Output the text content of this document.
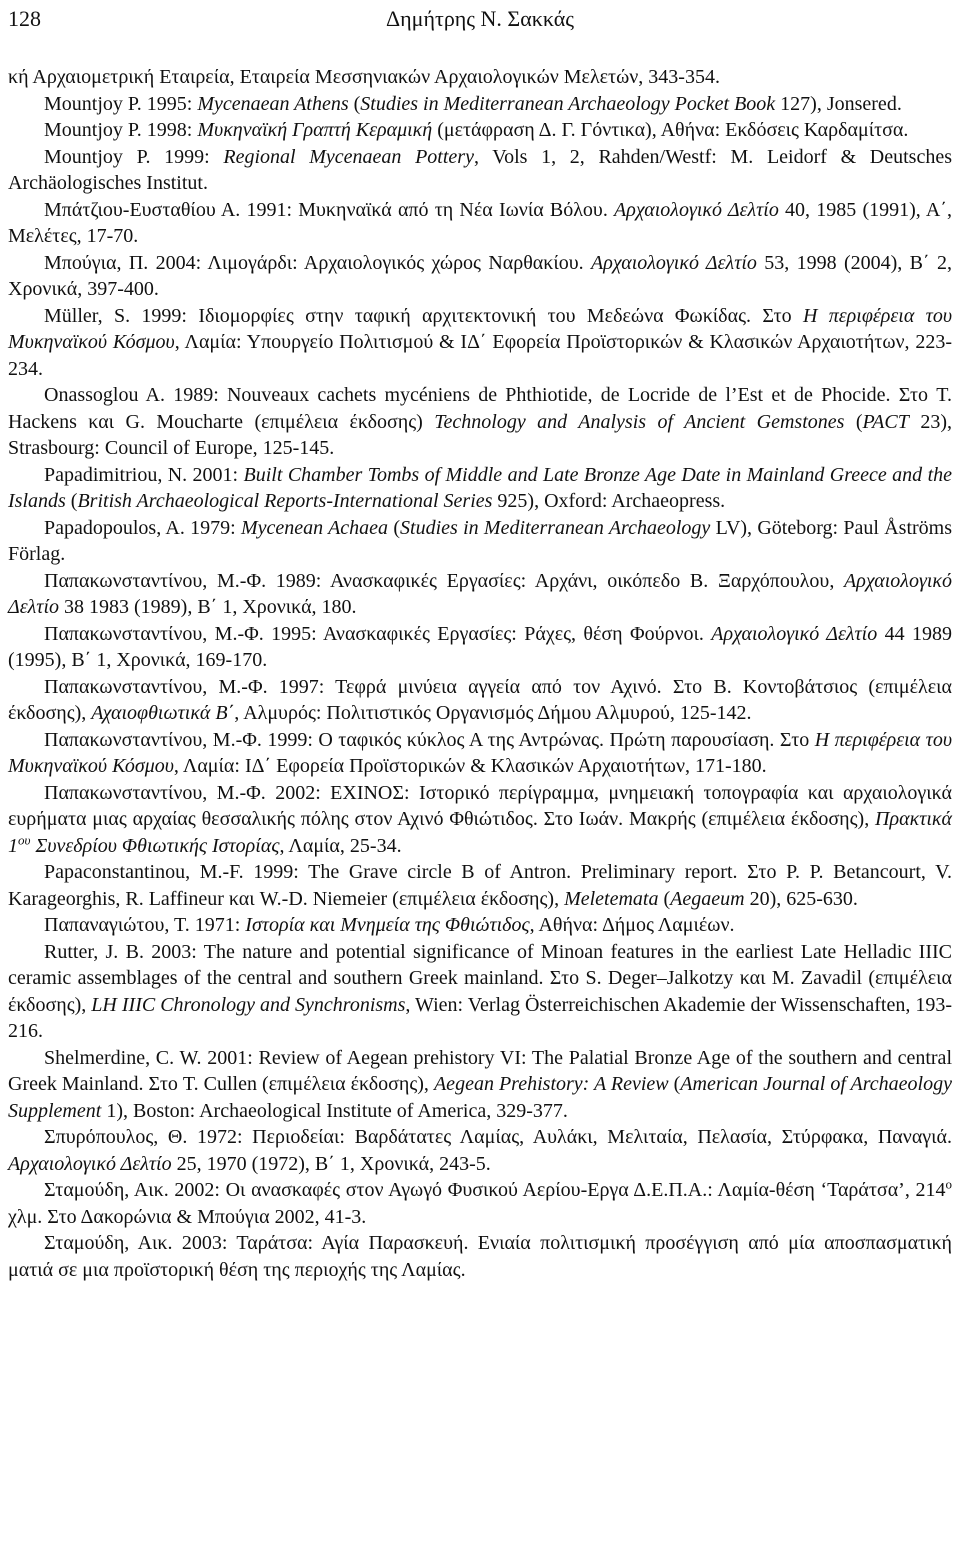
128	Δημήτρης Ν. Σακκάς

κή Αρχαιομετρική Εταιρεία, Εταιρεία Μεσσηνιακών Αρχαιολογικών Μελετών, 343-354.

Mountjoy P. 1995: Mycenaean Athens (Studies in Mediterranean Archaeology Pocket Book 127), Jonsered.

Mountjoy P. 1998: Μυκηναϊκή Γραπτή Κεραμική (μετάφραση Δ. Γ. Γόντικα), Αθήνα: Εκδόσεις Καρδαμίτσα.

Mountjoy P. 1999: Regional Mycenaean Pottery, Vols 1, 2, Rahden/Westf: M. Leidorf & Deutsches Archäologisches Institut.

Μπάτζιου-Ευσταθίου Α. 1991: Μυκηναϊκά από τη Νέα Ιωνία Βόλου. Αρχαιολογικό Δελτίο 40, 1985 (1991), Α΄, Μελέτες, 17-70.

Μπούγια, Π. 2004: Λιμογάρδι: Αρχαιολογικός χώρος Ναρθακίου. Αρχαιολογικό Δελτίο 53, 1998 (2004), Β΄ 2, Χρονικά, 397-400.

Müller, S. 1999: Ιδιομορφίες στην ταφική αρχιτεκτονική του Μεδεώνα Φωκίδας. Στο Η περιφέρεια του Μυκηναϊκού Κόσμου, Λαμία: Υπουργείο Πολιτισμού & ΙΔ΄ Εφορεία Προϊστορικών & Κλασικών Αρχαιοτήτων, 223-234.

Onassoglou A. 1989: Nouveaux cachets mycéniens de Phthiotide, de Locride de l’Est et de Phocide. Στο T. Hackens και G. Moucharte (επιμέλεια έκδοσης) Technology and Analysis of Ancient Gemstones (PACT 23), Strasbourg: Council of Europe, 125-145.

Papadimitriou, N. 2001: Built Chamber Tombs of Middle and Late Bronze Age Date in Mainland Greece and the Islands (British Archaeological Reports-International Series 925), Oxford: Archaeopress.

Papadopoulos, A. 1979: Mycenean Achaea (Studies in Mediterranean Archaeology LV), Göteborg: Paul Åströms Förlag.

Παπακωνσταντίνου, Μ.-Φ. 1989: Ανασκαφικές Εργασίες: Αρχάνι, οικόπεδο Β. Ξαρχόπουλου, Αρχαιολογικό Δελτίο 38 1983 (1989), Β΄ 1, Χρονικά, 180.

Παπακωνσταντίνου, Μ.-Φ. 1995: Ανασκαφικές Εργασίες: Ράχες, θέση Φούρνοι. Αρχαιολογικό Δελτίο 44 1989 (1995), Β΄ 1, Χρονικά, 169-170.

Παπακωνσταντίνου, Μ.-Φ. 1997: Τεφρά μινύεια αγγεία από τον Αχινό. Στο Β. Κοντοβάτσιος (επιμέλεια έκδοσης), Αχαιοφθιωτικά Β΄, Αλμυρός: Πολιτιστικός Οργανισμός Δήμου Αλμυρού, 125-142.

Παπακωνσταντίνου, Μ.-Φ. 1999: Ο ταφικός κύκλος Α της Αντρώνας. Πρώτη παρουσίαση. Στο Η περιφέρεια του Μυκηναϊκού Κόσμου, Λαμία: ΙΔ΄ Εφορεία Προϊστορικών & Κλασικών Αρχαιοτήτων, 171-180.

Παπακωνσταντίνου, Μ.-Φ. 2002: ΕΧΙΝΟΣ: Ιστορικό περίγραμμα, μνημειακή τοπογραφία και αρχαιολογικά ευρήματα μιας αρχαίας θεσσαλικής πόλης στον Αχινό Φθιώτιδος. Στο Ιωάν. Μακρής (επιμέλεια έκδοσης), Πρακτικά $1^{o\upsilon}$ Συνεδρίου Φθιωτικής Ιστορίας, Λαμία, 25-34.

Papaconstantinou, M.-F. 1999: The Grave circle B of Antron. Preliminary report. Στο P. P. Betancourt, V. Karageorghis, R. Laffineur και W.-D. Niemeier (επιμέλεια έκδοσης), Meletemata (Aegaeum 20), 625-630.

Παπαναγιώτου, Τ. 1971: Ιστορία και Μνημεία της Φθιώτιδος, Αθήνα: Δήμος Λαμιέων.

Rutter, J. B. 2003: The nature and potential significance of Minoan features in the earliest Late Helladic IIIC ceramic assemblages of the central and southern Greek mainland. Στο S. Deger–Jalkotzy και M. Zavadil (επιμέλεια έκδοσης), LH IIIC Chronology and Synchronisms, Wien: Verlag Österreichischen Akademie der Wissenschaften, 193-216.

Shelmerdine, C. W. 2001: Review of Aegean prehistory VI: The Palatial Bronze Age of the southern and central Greek Mainland. Στο T. Cullen (επιμέλεια έκδοσης), Aegean Prehistory: A Review (American Journal of Archaeology Supplement 1), Boston: Archaeological Institute of America, 329-377.

Σπυρόπουλος, Θ. 1972: Περιοδείαι: Βαρδάτατες Λαμίας, Αυλάκι, Μελιταία, Πελασία, Στύρφακα, Παναγιά. Αρχαιολογικό Δελτίο 25, 1970 (1972), Β΄ 1, Χρονικά, 243-5.

Σταμούδη, Αικ. 2002: Οι ανασκαφές στον Αγωγό Φυσικού Αερίου-Εργα Δ.Ε.Π.Α.: Λαμία-θέση ‘Ταράτσα’, $214^o$ χλμ. Στο Δακορώνια & Μπούγια 2002, 41-3.

Σταμούδη, Αικ. 2003: Ταράτσα: Αγία Παρασκευή. Ενιαία πολιτισμική προσέγγιση από μία αποσπασματική ματιά σε μια προϊστορική θέση της περιοχής της Λαμίας.
